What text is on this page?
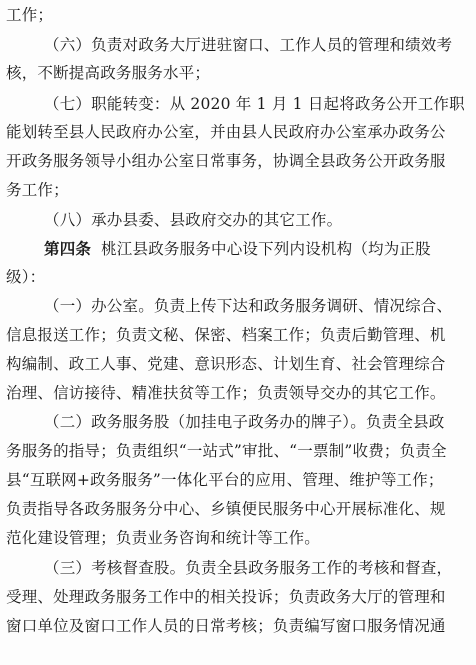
工作；
（六）负责对政务大厅进驻窗口、工作人员的管理和绩效考
核，不断提高政务服务水平；
（七）职能转变：从 2020 年 1 月 1 日起将政务公开工作职
能划转至县人民政府办公室，并由县人民政府办公室承办政务公
开政务服务领导小组办公室日常事务，协调全县政务公开政务服
务工作；
（八）承办县委、县政府交办的其它工作。
第四条 桃江县政务服务中心设下列内设机构（均为正股
级）：
（一）办公室。负责上传下达和政务服务调研、情况综合、
信息报送工作；负责文秘、保密、档案工作；负责后勤管理、机
构编制、政工人事、党建、意识形态、计划生育、社会管理综合
治理、信访接待、精准扶贫等工作；负责领导交办的其它工作。
（二）政务服务股（加挂电子政务办的牌子）。负责全县政
务服务的指导；负责组织“一站式”审批、“一票制”收费；负责全
县“互联网+政务服务”一体化平台的应用、管理、维护等工作；
负责指导各政务服务分中心、乡镇便民服务中心开展标准化、规
范化建设管理；负责业务咨询和统计等工作。
（三）考核督查股。负责全县政务服务工作的考核和督查，
受理、处理政务服务工作中的相关投诉；负责政务大厅的管理和
窗口单位及窗口工作人员的日常考核；负责编写窗口服务情况通
